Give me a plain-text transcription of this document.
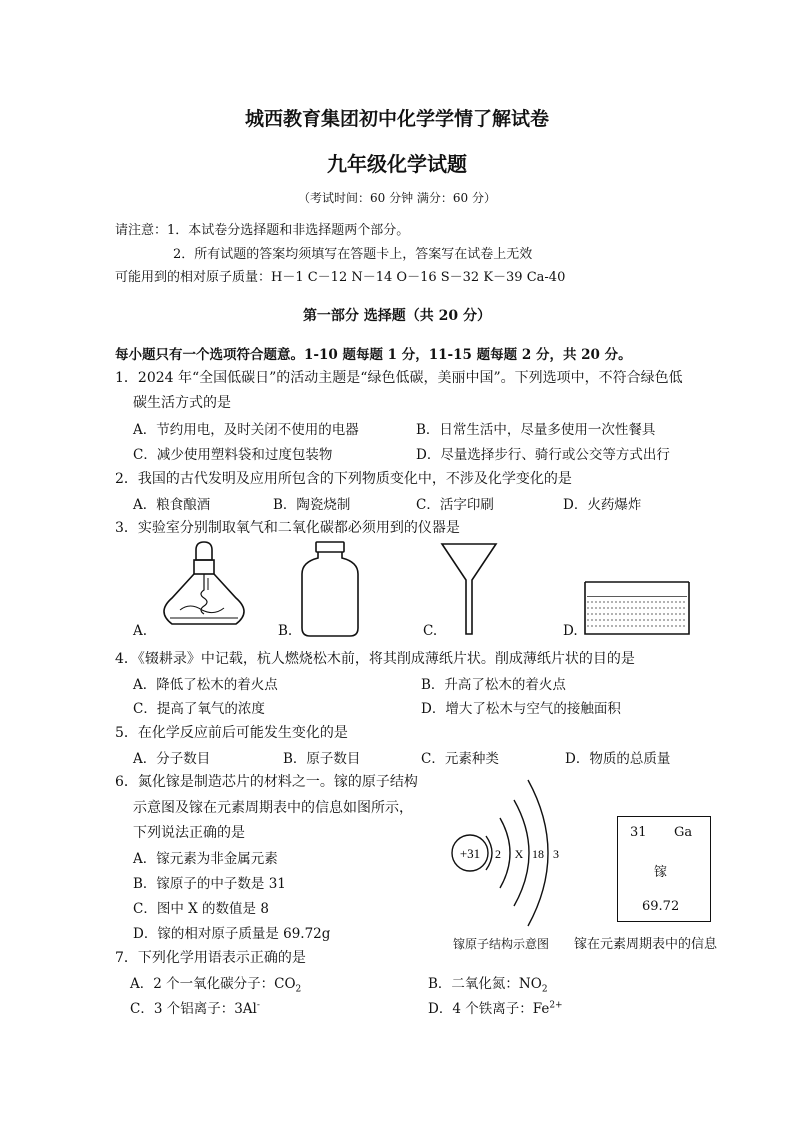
城西教育集团初中化学学情了解试卷
九年级化学试题
（考试时间：60 分钟 满分：60 分）
请注意：1．本试卷分选择题和非选择题两个部分。
2．所有试题的答案均须填写在答题卡上，答案写在试卷上无效
可能用到的相对原子质量：H－1 C－12 N－14 O－16 S－32 K－39 Ca-40
第一部分 选择题（共 20 分）
每小题只有一个选项符合题意。1-10 题每题 1 分，11-15 题每题 2 分，共 20 分。
1．2024 年“全国低碳日”的活动主题是“绿色低碳，美丽中国”。下列选项中，不符合绿色低
碳生活方式的是
A．节约用电，及时关闭不使用的电器	B．日常生活中，尽量多使用一次性餐具
C．减少使用塑料袋和过度包装物	D．尽量选择步行、骑行或公交等方式出行
2．我国的古代发明及应用所包含的下列物质变化中，不涉及化学变化的是
A．粮食酿酒	B．陶瓷烧制	C．活字印刷	D．火药爆炸
3．实验室分别制取氧气和二氧化碳都必须用到的仪器是
A.	B.	C.	D.
4．《辍耕录》中记载，杭人燃烧松木前，将其削成薄纸片状。削成薄纸片状的目的是
A．降低了松木的着火点	B．升高了松木的着火点
C．提高了氧气的浓度	D．增大了松木与空气的接触面积
5．在化学反应前后可能发生变化的是
A．分子数目	B．原子数目	C．元素种类	D．物质的总质量
6．氮化镓是制造芯片的材料之一。镓的原子结构
示意图及镓在元素周期表中的信息如图所示，
下列说法正确的是
A．镓元素为非金属元素
B．镓原子的中子数是 31
C．图中 X 的数值是 8
D．镓的相对原子质量是 69.72g
+31 2 X 18 3
镓原子结构示意图
31 Ga
镓
69.72
镓在元素周期表中的信息
7．下列化学用语表示正确的是
A．2 个一氧化碳分子：$CO_2$	B．二氧化氮：$NO_2$
C．3 个铝离子：3Al-	D．4 个铁离子：$Fe^{2+}$
